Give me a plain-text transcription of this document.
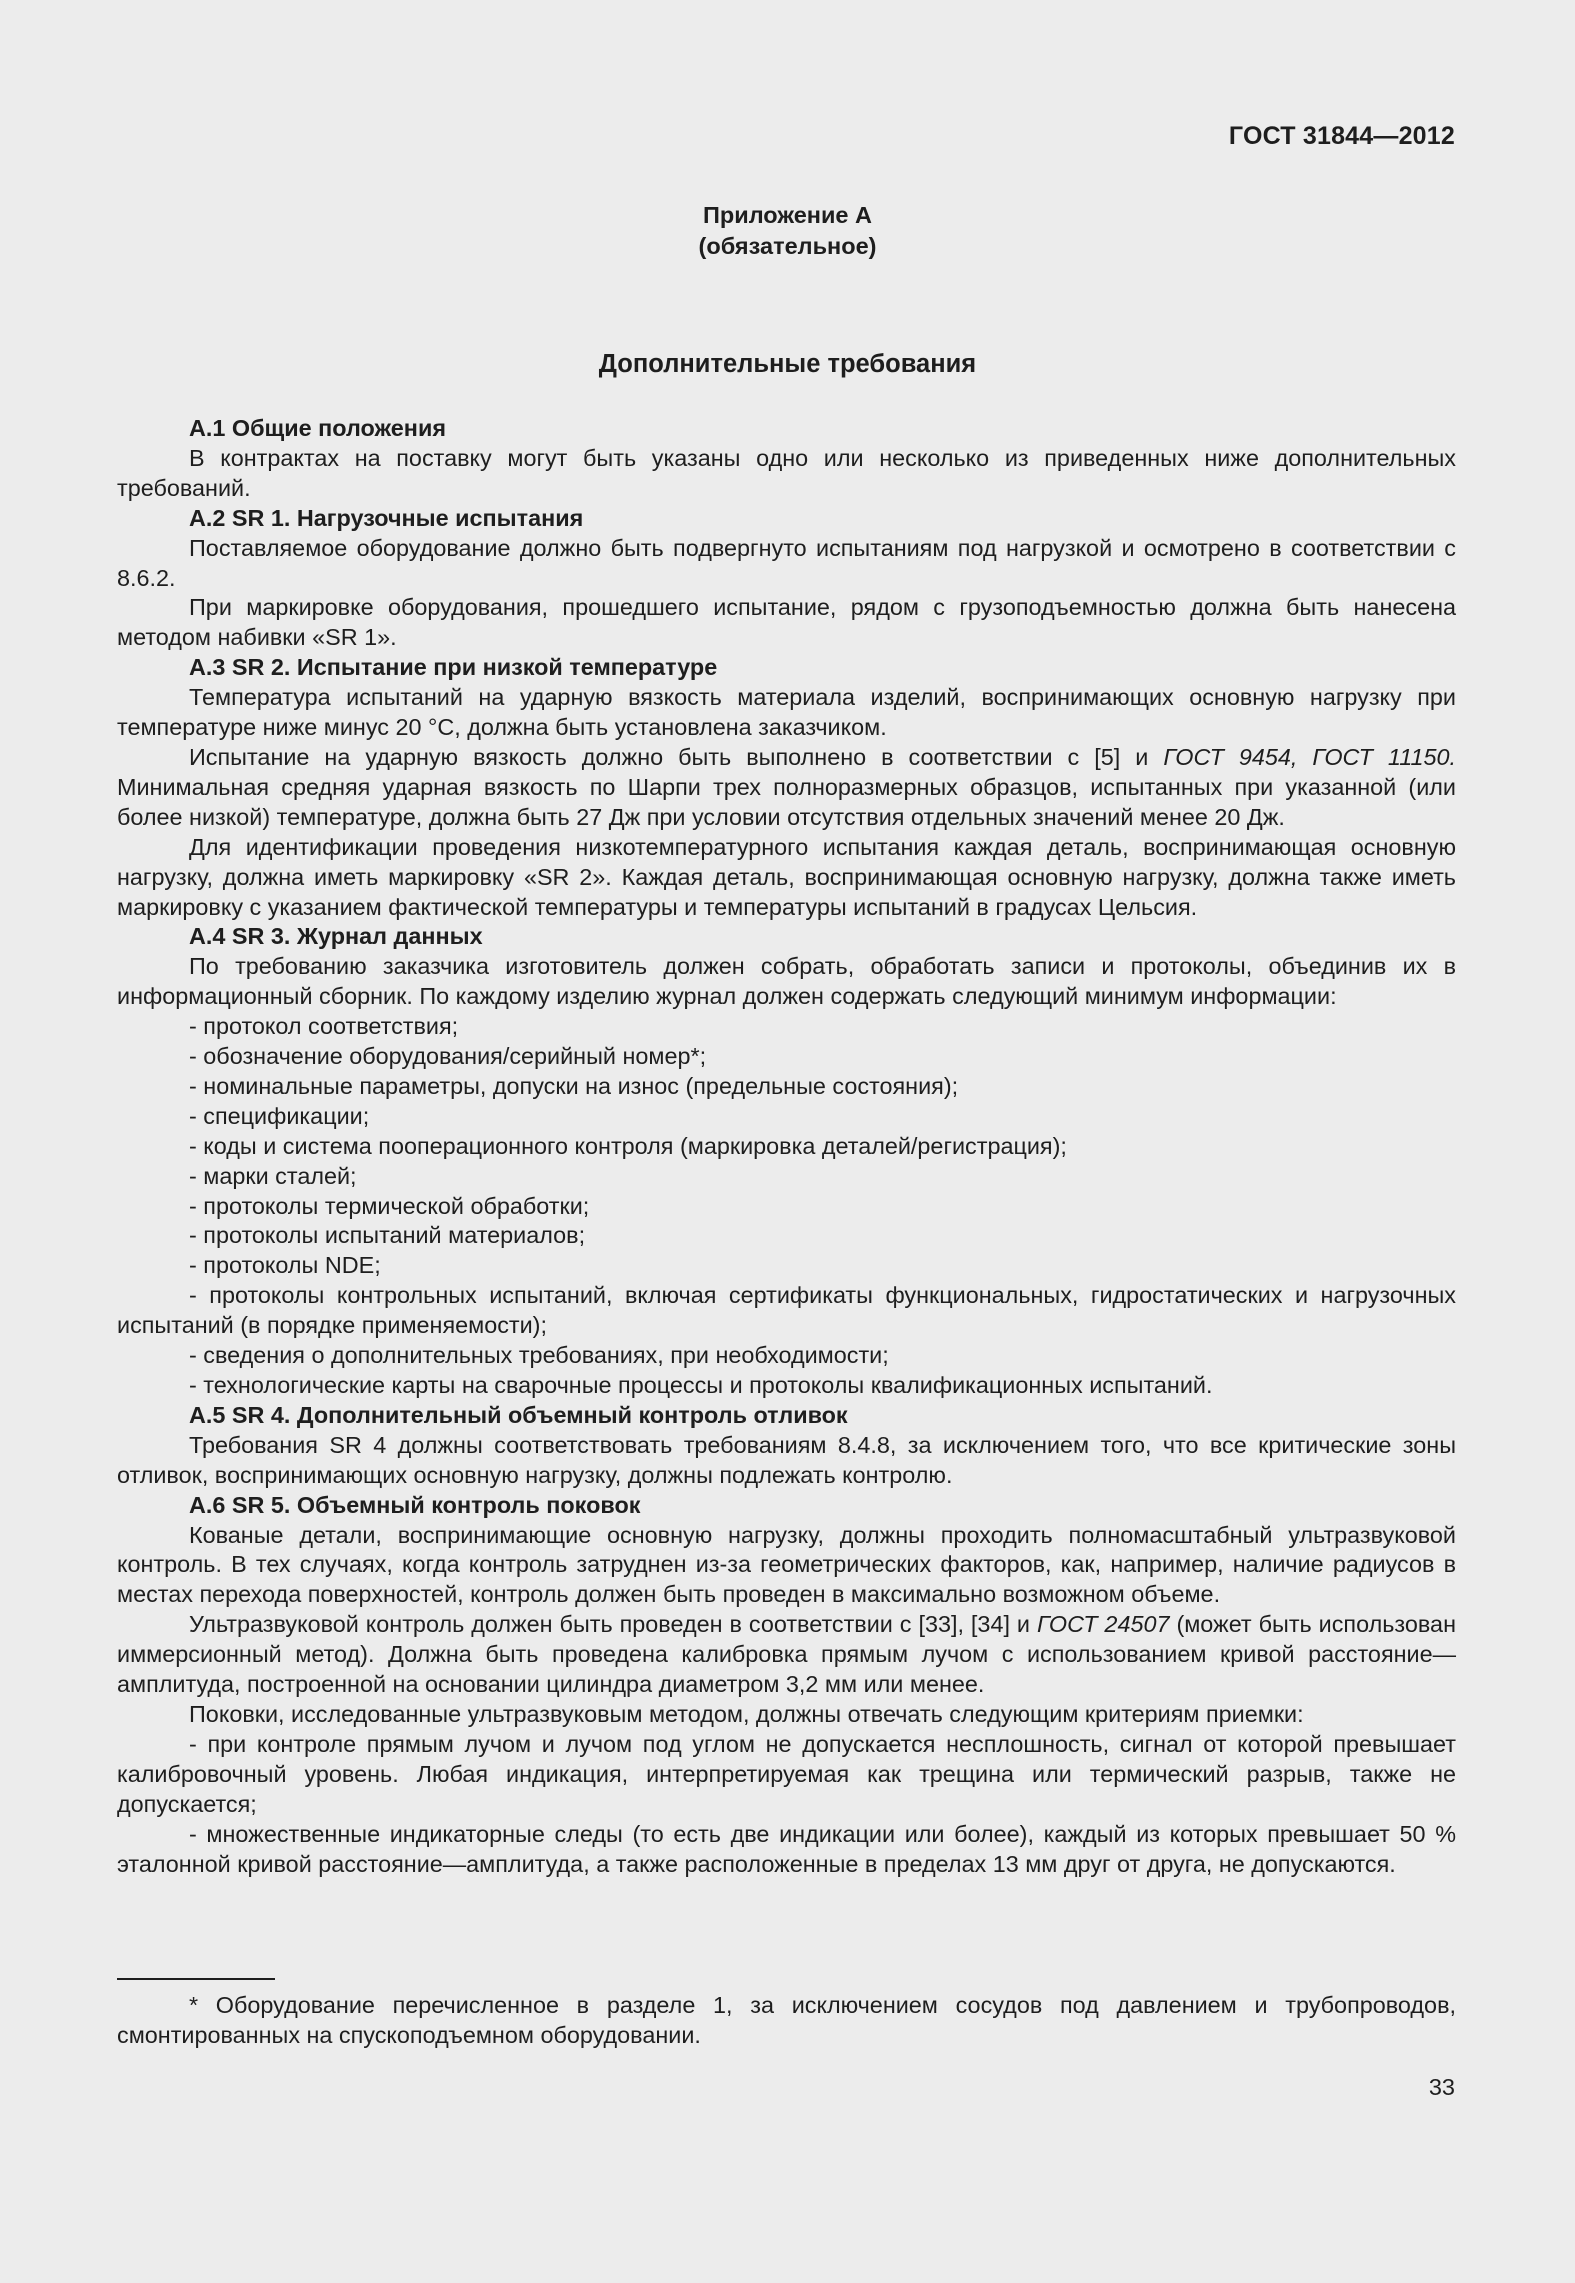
ГОСТ 31844—2012
Приложение А
(обязательное)
Дополнительные требования

А.1 Общие положения

В контрактах на поставку могут быть указаны одно или несколько из приведенных ниже дополнительных требований.

А.2 SR 1. Нагрузочные испытания

Поставляемое оборудование должно быть подвергнуто испытаниям под нагрузкой и осмотрено в соответствии с 8.6.2.

При маркировке оборудования, прошедшего испытание, рядом с грузоподъемностью должна быть нанесена методом набивки «SR 1».

А.3 SR 2. Испытание при низкой температуре

Температура испытаний на ударную вязкость материала изделий, воспринимающих основную нагрузку при температуре ниже минус 20 °С, должна быть установлена заказчиком.

Испытание на ударную вязкость должно быть выполнено в соответствии с [5] и ГОСТ 9454, ГОСТ 11150. Минимальная средняя ударная вязкость по Шарпи трех полноразмерных образцов, испытанных при указанной (или более низкой) температуре, должна быть 27 Дж при условии отсутствия отдельных значений менее 20 Дж.

Для идентификации проведения низкотемпературного испытания каждая деталь, воспринимающая основную нагрузку, должна иметь маркировку «SR 2». Каждая деталь, воспринимающая основную нагрузку, должна также иметь маркировку с указанием фактической температуры и температуры испытаний в градусах Цельсия.

А.4 SR 3. Журнал данных

По требованию заказчика изготовитель должен собрать, обработать записи и протоколы, объединив их в информационный сборник. По каждому изделию журнал должен содержать следующий минимум информации:

- протокол соответствия;

- обозначение оборудования/серийный номер*;

- номинальные параметры, допуски на износ (предельные состояния);

- спецификации;

- коды и система пооперационного контроля (маркировка деталей/регистрация);

- марки сталей;

- протоколы термической обработки;

- протоколы испытаний материалов;

- протоколы NDE;

- протоколы контрольных испытаний, включая сертификаты функциональных, гидростатических и нагрузочных испытаний (в порядке применяемости);

- сведения о дополнительных требованиях, при необходимости;

- технологические карты на сварочные процессы и протоколы квалификационных испытаний.

А.5 SR 4. Дополнительный объемный контроль отливок

Требования SR 4 должны соответствовать требованиям 8.4.8, за исключением того, что все критические зоны отливок, воспринимающих основную нагрузку, должны подлежать контролю.

А.6 SR 5. Объемный контроль поковок

Кованые детали, воспринимающие основную нагрузку, должны проходить полномасштабный ультразвуковой контроль. В тех случаях, когда контроль затруднен из-за геометрических факторов, как, например, наличие радиусов в местах перехода поверхностей, контроль должен быть проведен в максимально возможном объеме.

Ультразвуковой контроль должен быть проведен в соответствии с [33], [34] и ГОСТ 24507 (может быть использован иммерсионный метод). Должна быть проведена калибровка прямым лучом с использованием кривой расстояние—амплитуда, построенной на основании цилиндра диаметром 3,2 мм или менее.

Поковки, исследованные ультразвуковым методом, должны отвечать следующим критериям приемки:

- при контроле прямым лучом и лучом под углом не допускается несплошность, сигнал от которой превышает калибровочный уровень. Любая индикация, интерпретируемая как трещина или термический разрыв, также не допускается;

- множественные индикаторные следы (то есть две индикации или более), каждый из которых превышает 50 % эталонной кривой расстояние—амплитуда, а также расположенные в пределах 13 мм друг от друга, не допускаются.

* Оборудование перечисленное в разделе 1, за исключением сосудов под давлением и трубопроводов, смонтированных на спускоподъемном оборудовании.

33
